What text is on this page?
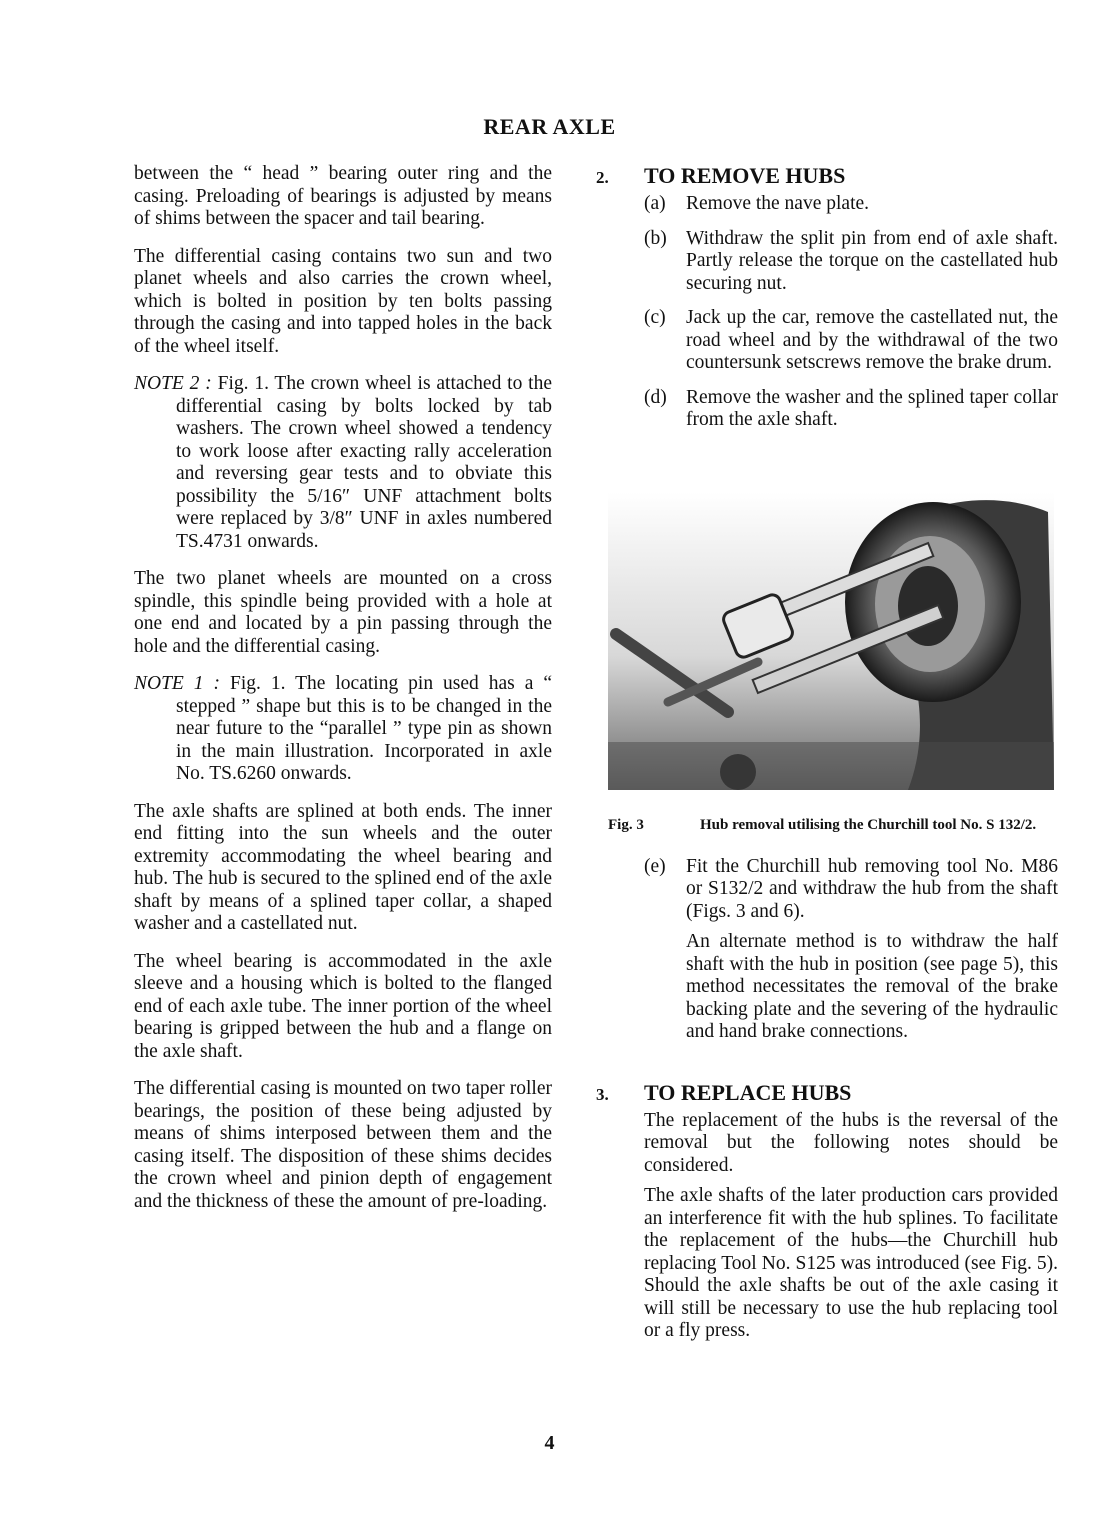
REAR AXLE

between the “ head ” bearing outer ring and the casing. Preloading of bearings is adjusted by means of shims between the spacer and tail bearing.

The differential casing contains two sun and two planet wheels and also carries the crown wheel, which is bolted in position by ten bolts passing through the casing and into tapped holes in the back of the wheel itself.

NOTE 2 : Fig. 1. The crown wheel is attached to the differential casing by bolts locked by tab washers. The crown wheel showed a tendency to work loose after exacting rally acceleration and reversing gear tests and to obviate this possibility the 5/16″ UNF attachment bolts were replaced by 3/8″ UNF in axles numbered TS.4731 onwards.

The two planet wheels are mounted on a cross spindle, this spindle being provided with a hole at one end and located by a pin passing through the hole and the differential casing.

NOTE 1 : Fig. 1. The locating pin used has a “ stepped ” shape but this is to be changed in the near future to the “parallel ” type pin as shown in the main illustration. Incorporated in axle No. TS.6260 onwards.

The axle shafts are splined at both ends. The inner end fitting into the sun wheels and the outer extremity accommodating the wheel bearing and hub. The hub is secured to the splined end of the axle shaft by means of a splined taper collar, a shaped washer and a castellated nut.

The wheel bearing is accommodated in the axle sleeve and a housing which is bolted to the flanged end of each axle tube. The inner portion of the wheel bearing is gripped between the hub and a flange on the axle shaft.

The differential casing is mounted on two taper roller bearings, the position of these being adjusted by means of shims interposed between them and the casing itself. The disposition of these shims decides the crown wheel and pinion depth of engagement and the thickness of these the amount of pre-loading.

2.	TO REMOVE HUBS
(a)	Remove the nave plate.
(b) Withdraw the split pin from end of axle shaft. Partly release the torque on the castellated hub securing nut.
(c)	Jack up the car, remove the castellated nut, the road wheel and by the withdrawal of the two countersunk setscrews remove the brake drum.
(d) Remove the washer and the splined taper collar from the axle shaft.
Fig. 3	Hub removal utilising the Churchill tool No. S 132/2.
(e)	Fit the Churchill hub removing tool No. M86 or S132/2 and withdraw the hub from the shaft (Figs. 3 and 6).
An alternate method is to withdraw the half shaft with the hub in position (see page 5), this method necessitates the removal of the brake backing plate and the severing of the hydraulic and hand brake connections.
3.	TO REPLACE HUBS

The replacement of the hubs is the reversal of the removal but the following notes should be considered.

The axle shafts of the later production cars provided an interference fit with the hub splines. To facilitate the replacement of the hubs—the Churchill hub replacing Tool No. S125 was introduced (see Fig. 5). Should the axle shafts be out of the axle casing it will still be necessary to use the hub replacing tool or a fly press.

4
